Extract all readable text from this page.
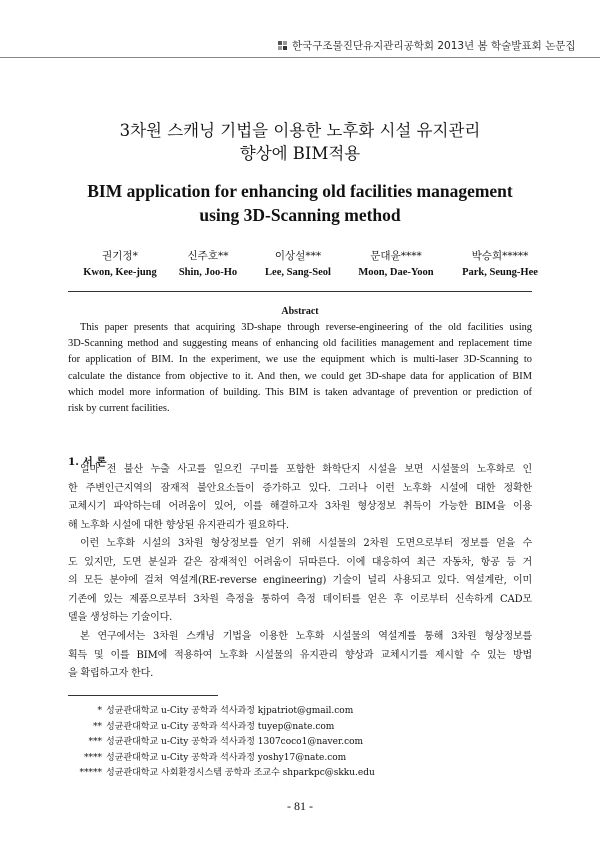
한국구조물진단유지관리공학회 2013년 봄 학술발표회 논문집
3차원 스캐닝 기법을 이용한 노후화 시설 유지관리
향상에 BIM적용
BIM application for enhancing old facilities management
using 3D-Scanning method
권기정*
Kwon, Kee-jung
신주호**
Shin, Joo-Ho
이상설***
Lee, Sang-Seol
문대윤****
Moon, Dae-Yoon
박승희*****
Park, Seung-Hee
Abstract
This paper presents that acquiring 3D-shape through reverse-engineering of the old facilities using
3D-Scanning method and suggesting means of enhancing old facilities management and replacement time
for application of BIM. In the experiment, we use the equipment which is multi-laser 3D-Scanning to
calculate the distance from objective to it. And then, we could get 3D-shape data for application of BIM
which model more information of building. This BIM is taken advantage of prevention or prediction of
risk by current facilities.
1. 서 론
얼마 전 불산 누출 사고를 일으킨 구미를 포함한 화학단지 시설을 보면 시설물의 노후화로 인
한 주변인근지역의 잠재적 불안요소들이 증가하고 있다. 그러나 이런 노후화 시설에 대한 정확한
교체시기 파악하는데 어려움이 있어, 이를 해결하고자 3차원 형상정보 취득이 가능한 BIM을 이용
해 노후화 시설에 대한 향상된 유지관리가 필요하다.
이런 노후화 시설의 3차원 형상정보를 얻기 위해 시설물의 2차원 도면으로부터 정보를 얻을 수
도 있지만, 도면 분실과 같은 잠재적인 어려움이 뒤따른다. 이에 대응하여 최근 자동차, 항공 등 거
의 모든 분야에 걸쳐 역설계(RE-reverse engineering) 기술이 널리 사용되고 있다. 역설계란, 이미
기존에 있는 제품으로부터 3차원 측정을 통하여 측정 데이터를 얻은 후 이로부터 신속하게 CAD모
델을 생성하는 기술이다.
본 연구에서는 3차원 스캐닝 기법을 이용한 노후화 시설물의 역설계를 통해 3차원 형상정보를
획득 및 이를 BIM에 적용하여 노후화 시설물의 유지관리 향상과 교체시기를 제시할 수 있는 방법
을 확립하고자 한다.
* 성균관대학교 u-City 공학과 석사과정 kjpatriot@gmail.com
** 성균관대학교 u-City 공학과 석사과정 tuyep@nate.com
*** 성균관대학교 u-City 공학과 석사과정 1307coco1@naver.com
**** 성균관대학교 u-City 공학과 석사과정 yoshy17@nate.com
***** 성균관대학교 사회환경시스템 공학과 조교수 shparkpc@skku.edu
- 81 -
